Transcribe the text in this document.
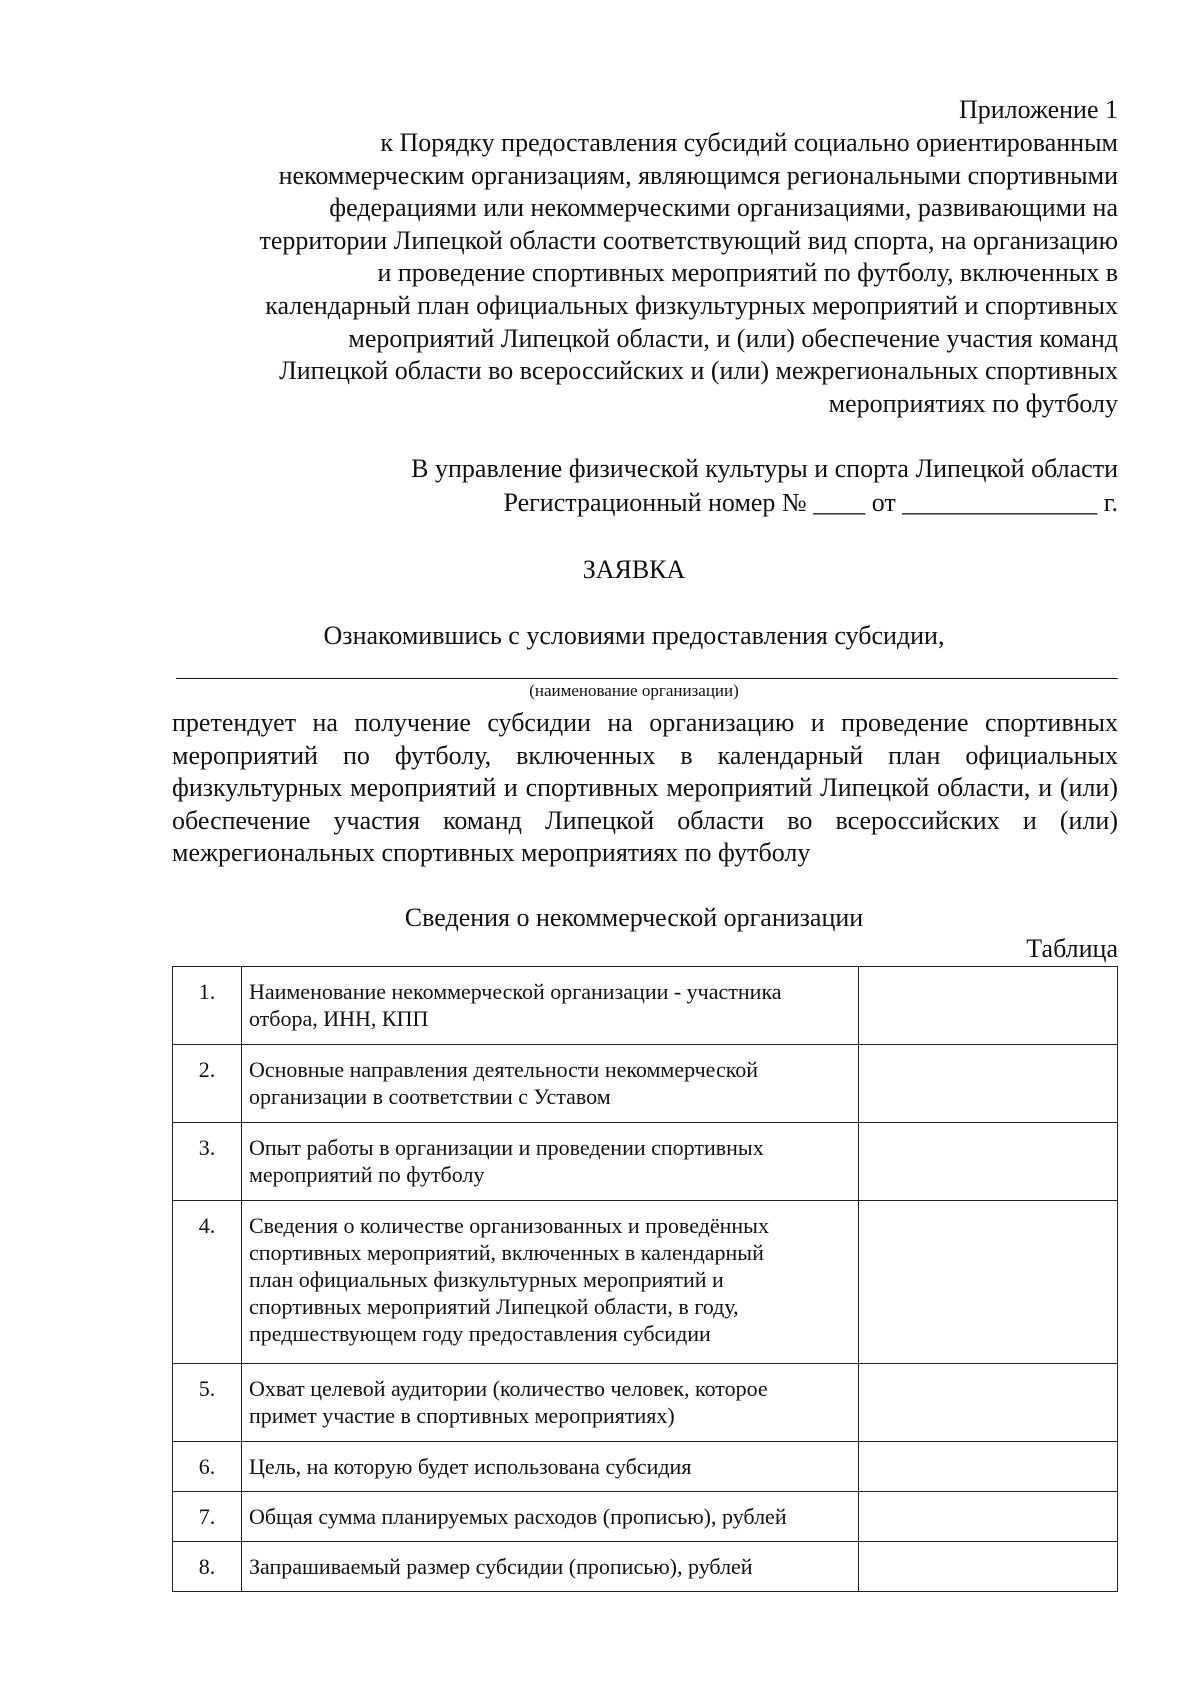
Приложение 1
к Порядку предоставления субсидий социально ориентированным
некоммерческим организациям, являющимся региональными спортивными
федерациями или некоммерческими организациями, развивающими на
территории Липецкой области соответствующий вид спорта, на организацию
и проведение спортивных мероприятий по футболу, включенных в
календарный план официальных физкультурных мероприятий и спортивных
мероприятий Липецкой области, и (или) обеспечение участия команд
Липецкой области во всероссийских и (или) межрегиональных спортивных
мероприятиях по футболу
В управление физической культуры и спорта Липецкой области
Регистрационный номер № ____ от _______________ г.
ЗАЯВКА
Ознакомившись с условиями предоставления субсидии,
(наименование организации)

претендует на получение субсидии на организацию и проведение спортивных мероприятий по футболу, включенных в календарный план официальных физкультурных мероприятий и спортивных мероприятий Липецкой области, и (или) обеспечение участия команд Липецкой области во всероссийских и (или) межрегиональных спортивных мероприятиях по футболу

Сведения о некоммерческой организации
Таблица
1.	Наименование некоммерческой организации - участника
отбора, ИНН, КПП	

2.	Основные направления деятельности некоммерческой
организации в соответствии с Уставом	

3.	Опыт работы в организации и проведении спортивных
мероприятий по футболу	

4.	Сведения о количестве организованных и проведённых
спортивных мероприятий, включенных в календарный
план официальных физкультурных мероприятий и
спортивных мероприятий Липецкой области, в году,
предшествующем году предоставления субсидии	

5.	Охват целевой аудитории (количество человек, которое
примет участие в спортивных мероприятиях)	

6.	Цель, на которую будет использована субсидия	

7.	Общая сумма планируемых расходов (прописью), рублей	

8.	Запрашиваемый размер субсидии (прописью), рублей	
